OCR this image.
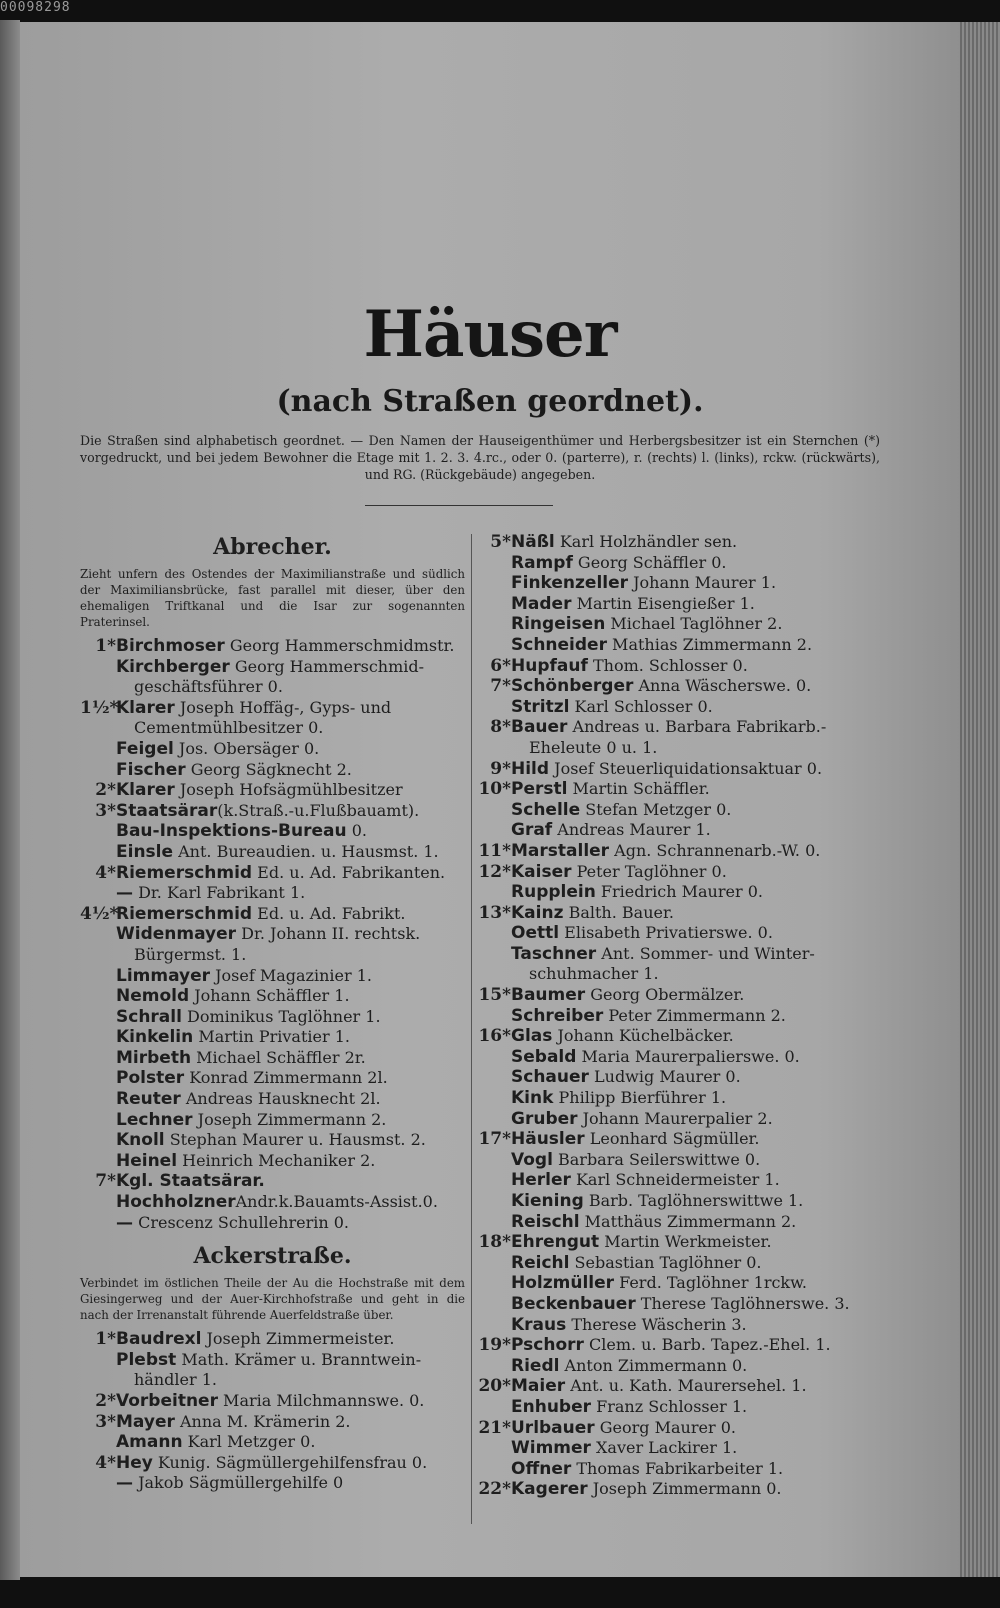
00098298
Häuser
(nach Straßen geordnet).

Die Straßen sind alphabetisch geordnet. — Den Namen der Hauseigenthümer und Herbergsbesitzer ist ein Sternchen (*) vorgedruckt, und bei jedem Bewohner die Etage mit 1. 2. 3. 4.rc., oder 0. (parterre), r. (rechts) l. (links), rckw. (rückwärts), und RG. (Rückgebäude) angegeben.

Abrecher.

Zieht unfern des Ostendes der Maximilianstraße und südlich der Maximiliansbrücke, fast parallel mit dieser, über den ehemaligen Triftkanal und die Isar zur sogenannten Praterinsel.

1*Birchmoser Georg Hammerschmidmstr.

Kirchberger Georg Hammerschmid-

geschäftsführer 0.

1½*Klarer Joseph Hoffäg-, Gyps- und

Cementmühlbesitzer 0.

Feigel Jos. Obersäger 0.

Fischer Georg Sägknecht 2.

2*Klarer Joseph Hofsägmühlbesitzer

3*Staatsärar(k.Straß.-u.Flußbauamt).

Bau-Inspektions-Bureau 0.

Einsle Ant. Bureaudien. u. Hausmst. 1.

4*Riemerschmid Ed. u. Ad. Fabrikanten.

— Dr. Karl Fabrikant 1.

4½*Riemerschmid Ed. u. Ad. Fabrikt.

Widenmayer Dr. Johann II. rechtsk.

Bürgermst. 1.

Limmayer Josef Magazinier 1.

Nemold Johann Schäffler 1.

Schrall Dominikus Taglöhner 1.

Kinkelin Martin Privatier 1.

Mirbeth Michael Schäffler 2r.

Polster Konrad Zimmermann 2l.

Reuter Andreas Hausknecht 2l.

Lechner Joseph Zimmermann 2.

Knoll Stephan Maurer u. Hausmst. 2.

Heinel Heinrich Mechaniker 2.

7*Kgl. Staatsärar.

HochholznerAndr.k.Bauamts-Assist.0.

— Crescenz Schullehrerin 0.

Ackerstraße.

Verbindet im östlichen Theile der Au die Hochstraße mit dem Giesingerweg und der Auer-Kirchhofstraße und geht in die nach der Irrenanstalt führende Auerfeldstraße über.

1*Baudrexl Joseph Zimmermeister.

Plebst Math. Krämer u. Branntwein-

händler 1.

2*Vorbeitner Maria Milchmannswe. 0.

3*Mayer Anna M. Krämerin 2.

Amann Karl Metzger 0.

4*Hey Kunig. Sägmüllergehilfensfrau 0.

— Jakob Sägmüllergehilfe 0

5*Näßl Karl Holzhändler sen.

Rampf Georg Schäffler 0.

Finkenzeller Johann Maurer 1.

Mader Martin Eisengießer 1.

Ringeisen Michael Taglöhner 2.

Schneider Mathias Zimmermann 2.

6*Hupfauf Thom. Schlosser 0.

7*Schönberger Anna Wäscherswe. 0.

Stritzl Karl Schlosser 0.

8*Bauer Andreas u. Barbara Fabrikarb.-

Eheleute 0 u. 1.

9*Hild Josef Steuerliquidationsaktuar 0.

10*Perstl Martin Schäffler.

Schelle Stefan Metzger 0.

Graf Andreas Maurer 1.

11*Marstaller Agn. Schrannenarb.-W. 0.

12*Kaiser Peter Taglöhner 0.

Rupplein Friedrich Maurer 0.

13*Kainz Balth. Bauer.

Oettl Elisabeth Privatierswe. 0.

Taschner Ant. Sommer- und Winter-

schuhmacher 1.

15*Baumer Georg Obermälzer.

Schreiber Peter Zimmermann 2.

16*Glas Johann Küchelbäcker.

Sebald Maria Maurerpalierswe. 0.

Schauer Ludwig Maurer 0.

Kink Philipp Bierführer 1.

Gruber Johann Maurerpalier 2.

17*Häusler Leonhard Sägmüller.

Vogl Barbara Seilerswittwe 0.

Herler Karl Schneidermeister 1.

Kiening Barb. Taglöhnerswittwe 1.

Reischl Matthäus Zimmermann 2.

18*Ehrengut Martin Werkmeister.

Reichl Sebastian Taglöhner 0.

Holzmüller Ferd. Taglöhner 1rckw.

Beckenbauer Therese Taglöhnerswe. 3.

Kraus Therese Wäscherin 3.

19*Pschorr Clem. u. Barb. Tapez.-Ehel. 1.

Riedl Anton Zimmermann 0.

20*Maier Ant. u. Kath. Maurersehel. 1.

Enhuber Franz Schlosser 1.

21*Urlbauer Georg Maurer 0.

Wimmer Xaver Lackirer 1.

Offner Thomas Fabrikarbeiter 1.

22*Kagerer Joseph Zimmermann 0.
